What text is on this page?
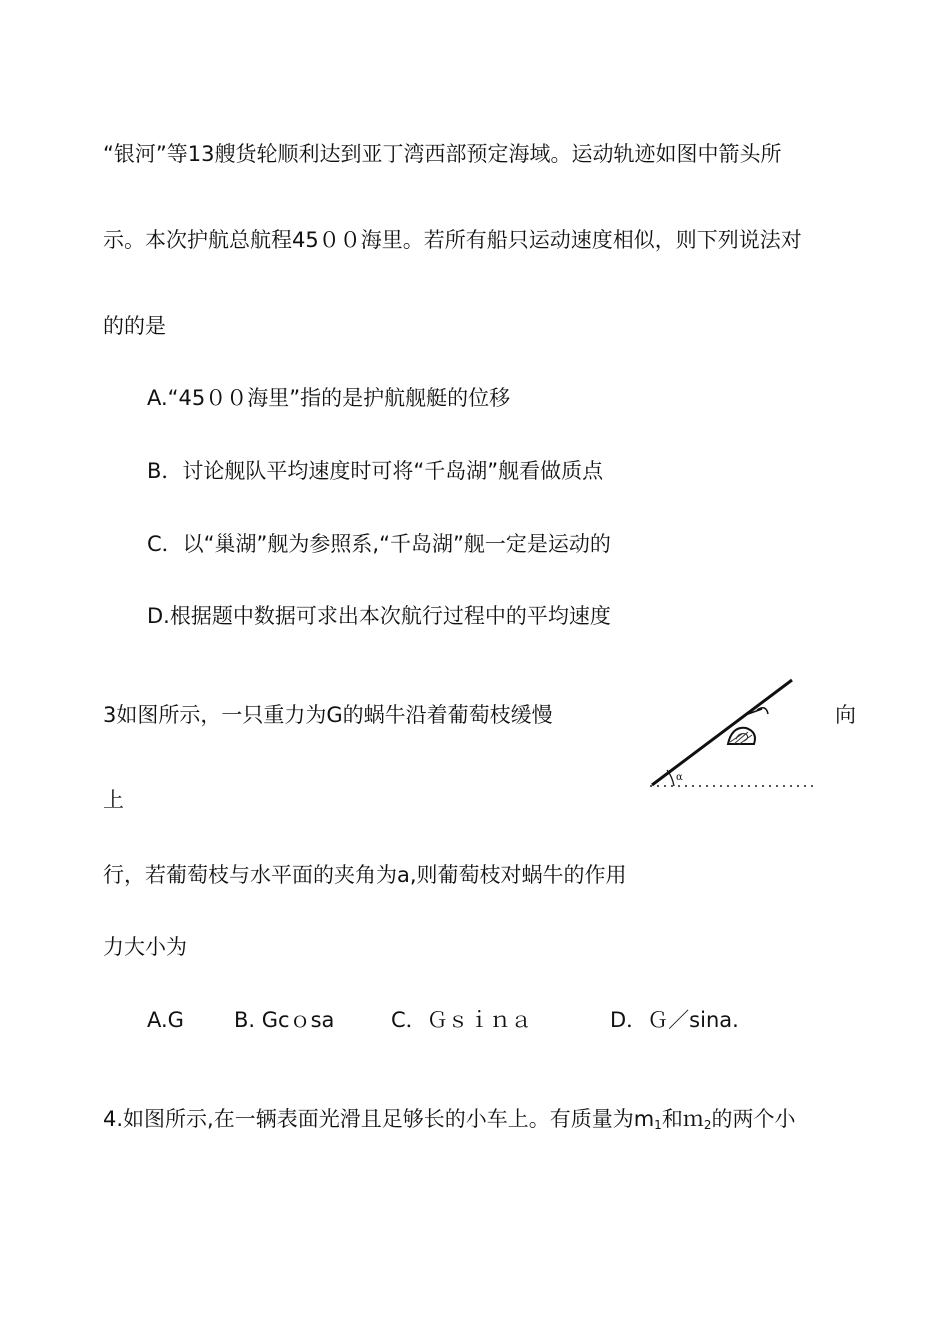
“银河”等13艘货轮顺利达到亚丁湾西部预定海域。运动轨迹如图中箭头所
示。本次护航总航程45００海里。若所有船只运动速度相似，则下列说法对
的的是
A.“45００海里”指的是护航舰艇的位移
B．讨论舰队平均速度时可将“千岛湖”舰看做质点
C．以“巢湖”舰为参照系,“千岛湖”舰一定是运动的
D.根据题中数据可求出本次航行过程中的平均速度
3如图所示，一只重力为G的蜗牛沿着葡萄枝缓慢	向
α
上
行，若葡萄枝与水平面的夹角为a,则葡萄枝对蜗牛的作用
力大小为
A.G B. Gcｏsa	C．Ｇｓｉｎａ	D．Ｇ／sina.
4.如图所示,在一辆表面光滑且足够长的小车上。有质量为$m_1$和ｍ$_2$的两个小
